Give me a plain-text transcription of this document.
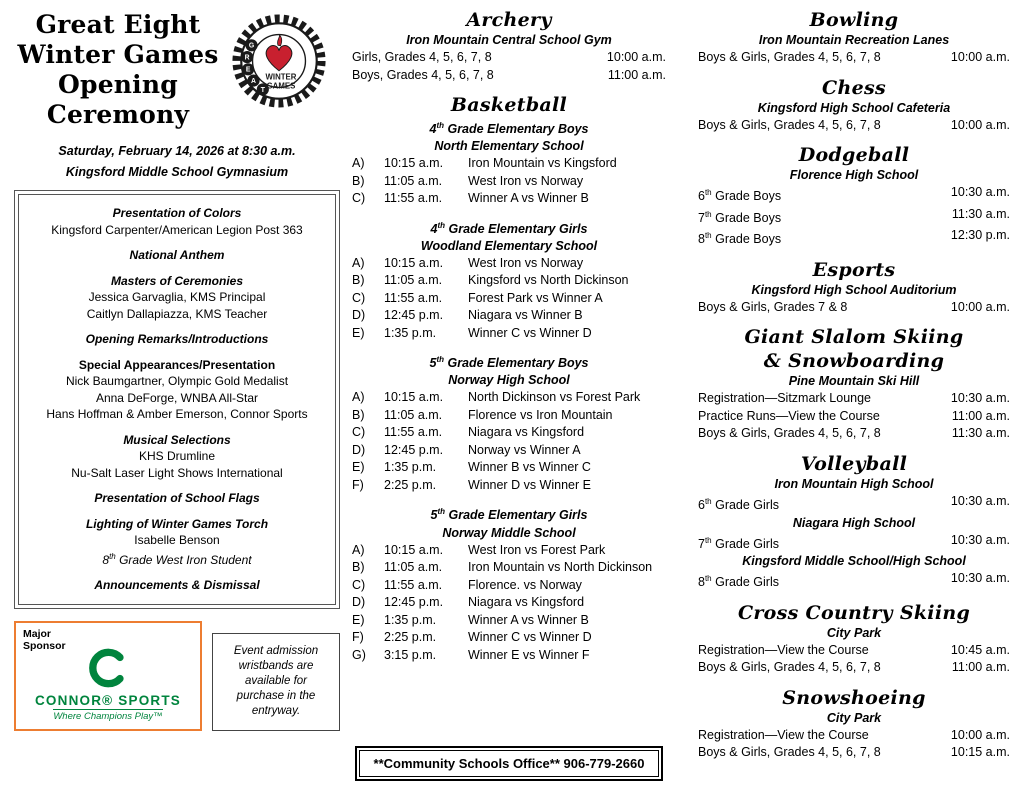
Great Eight
Winter Games
Opening
Ceremony
G
R
E
A
T
WINTER
GAMES
Saturday, February 14, 2026 at 8:30 a.m.
Kingsford Middle School Gymnasium
Presentation of Colors
Kingsford Carpenter/American Legion Post 363
National Anthem
Masters of Ceremonies
Jessica Garvaglia, KMS Principal
Caitlyn Dallapiazza, KMS Teacher
Opening Remarks/Introductions
Special Appearances/Presentation
Nick Baumgartner, Olympic Gold Medalist
Anna DeForge, WNBA All-Star
Hans Hoffman & Amber Emerson, Connor Sports
Musical Selections
KHS Drumline
Nu-Salt Laser Light Shows International
Presentation of School Flags
Lighting of Winter Games Torch
Isabelle Benson
8th Grade West Iron Student
Announcements & Dismissal
Major Sponsor
CONNOR® SPORTS
Where Champions Play™
Event admission wristbands are available for purchase in the entryway.
Archery
Iron Mountain Central School Gym
Girls, Grades 4, 5, 6, 7, 8	10:00 a.m.
Boys, Grades 4, 5, 6, 7, 8	11:00 a.m.
Basketball
4th Grade Elementary Boys
North Elementary School
A)	10:15 a.m.	Iron Mountain vs Kingsford
B)	11:05 a.m.	West Iron vs Norway
C)	11:55 a.m.	Winner A vs Winner B
4th Grade Elementary Girls
Woodland Elementary School
A)	10:15 a.m.	West Iron vs Norway
B)	11:05 a.m.	Kingsford vs North Dickinson
C)	11:55 a.m.	Forest Park vs Winner A
D)	12:45 p.m.	Niagara vs Winner B
E)	1:35 p.m.	Winner C vs Winner D
5th Grade Elementary Boys
Norway High School
A)	10:15 a.m.	North Dickinson vs Forest Park
B)	11:05 a.m.	Florence vs Iron Mountain
C)	11:55 a.m.	Niagara vs Kingsford
D)	12:45 p.m.	Norway vs Winner A
E)	1:35 p.m.	Winner B vs Winner C
F)	2:25 p.m.	Winner D vs Winner E
5th Grade Elementary Girls
Norway Middle School
A)	10:15 a.m.	West Iron vs Forest Park
B)	11:05 a.m.	Iron Mountain vs North Dickinson
C)	11:55 a.m.	Florence. vs Norway
D)	12:45 p.m.	Niagara vs Kingsford
E)	1:35 p.m.	Winner A vs Winner B
F)	2:25 p.m.	Winner C vs Winner D
G)	3:15 p.m.	Winner E vs Winner F
**Community Schools Office** 906-779-2660
Bowling
Iron Mountain Recreation Lanes
Boys & Girls, Grades 4, 5, 6, 7, 8	10:00 a.m.
Chess
Kingsford High School Cafeteria
Boys & Girls, Grades 4, 5, 6, 7, 8	10:00 a.m.
Dodgeball
Florence High School
6th Grade Boys	10:30 a.m.
7th Grade Boys	11:30 a.m.
8th Grade Boys	12:30 p.m.
Esports
Kingsford High School Auditorium
Boys & Girls, Grades 7 & 8	10:00 a.m.
Giant Slalom Skiing
& Snowboarding
Pine Mountain Ski Hill
Registration—Sitzmark Lounge	10:30 a.m.
Practice Runs—View the Course	11:00 a.m.
Boys & Girls, Grades 4, 5, 6, 7, 8	11:30 a.m.
Volleyball
Iron Mountain High School
6th Grade Girls	10:30 a.m.
Niagara High School
7th Grade Girls	10:30 a.m.
Kingsford Middle School/High School
8th Grade Girls	10:30 a.m.
Cross Country Skiing
City Park
Registration—View the Course	10:45 a.m.
Boys & Girls, Grades 4, 5, 6, 7, 8	11:00 a.m.
Snowshoeing
City Park
Registration—View the Course	10:00 a.m.
Boys & Girls, Grades 4, 5, 6, 7, 8	10:15 a.m.
